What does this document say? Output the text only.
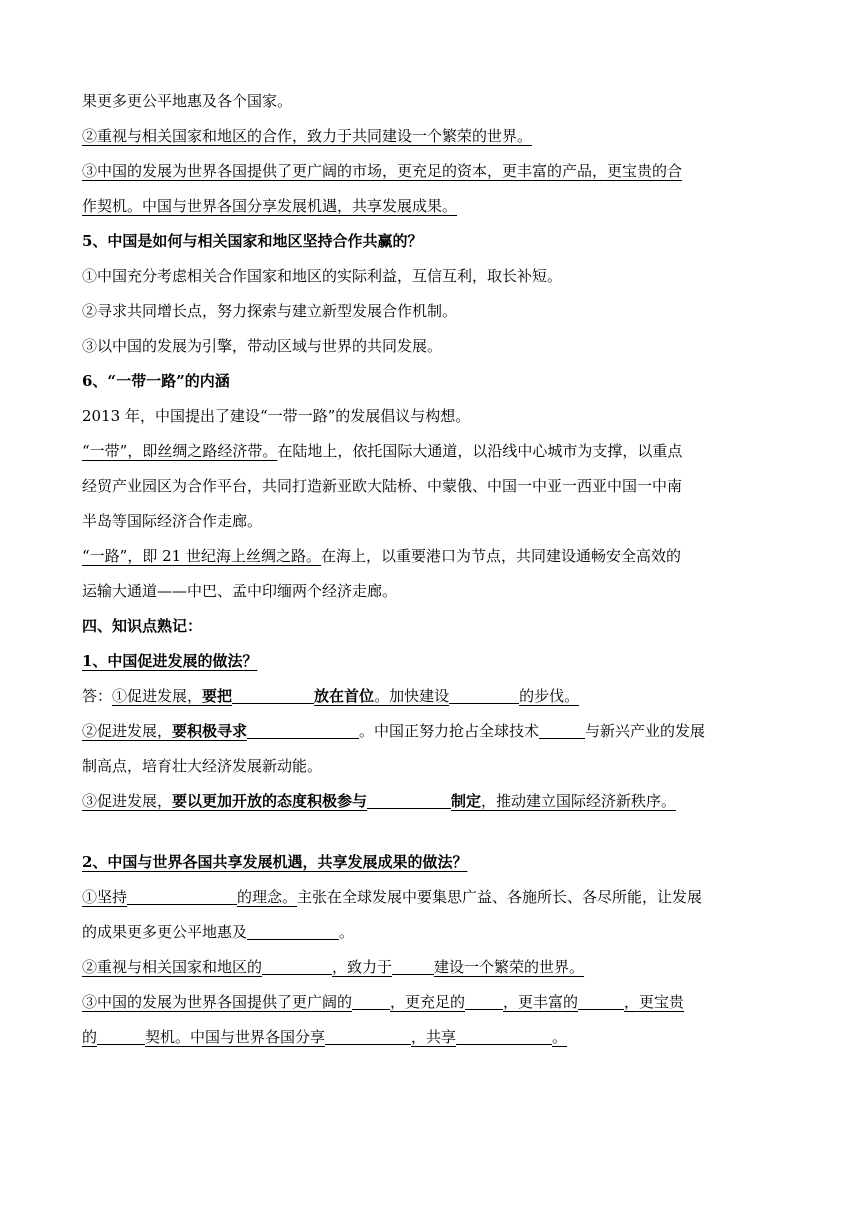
果更多更公平地惠及各个国家。
②重视与相关国家和地区的合作，致力于共同建设一个繁荣的世界。
③中国的发展为世界各国提供了更广阔的市场，更充足的资本，更丰富的产品，更宝贵的合
作契机。中国与世界各国分享发展机遇，共享发展成果。
5、中国是如何与相关国家和地区坚持合作共赢的？
①中国充分考虑相关合作国家和地区的实际利益，互信互利，取长补短。
②寻求共同增长点，努力探索与建立新型发展合作机制。
③以中国的发展为引擎，带动区域与世界的共同发展。
6、“一带一路”的内涵
2013 年，中国提出了建设“一带一路”的发展倡议与构想。
“一带”，即丝绸之路经济带。在陆地上，依托国际大通道，以沿线中心城市为支撑，以重点
经贸产业园区为合作平台，共同打造新亚欧大陆桥、中蒙俄、中国一中亚一西亚中国一中南
半岛等国际经济合作走廊。
“一路”，即 21 世纪海上丝绸之路。在海上，以重要港口为节点，共同建设通畅安全高效的
运输大通道——中巴、孟中印缅两个经济走廊。
四、知识点熟记：
1、中国促进发展的做法？
答：①促进发展，要把	放在首位。加快建设	的步伐。
②促进发展，要积极寻求	。中国正努力抢占全球技术	与新兴产业的发展
制高点，培育壮大经济发展新动能。
③促进发展，要以更加开放的态度积极参与	制定，推动建立国际经济新秩序。
2、中国与世界各国共享发展机遇，共享发展成果的做法？
①坚持	的理念。主张在全球发展中要集思广益、各施所长、各尽所能，让发展
的成果更多更公平地惠及	。
②重视与相关国家和地区的	，致力于	建设一个繁荣的世界。
③中国的发展为世界各国提供了更广阔的	，更充足的	，更丰富的	，更宝贵
的	契机。中国与世界各国分享	，共享	。
